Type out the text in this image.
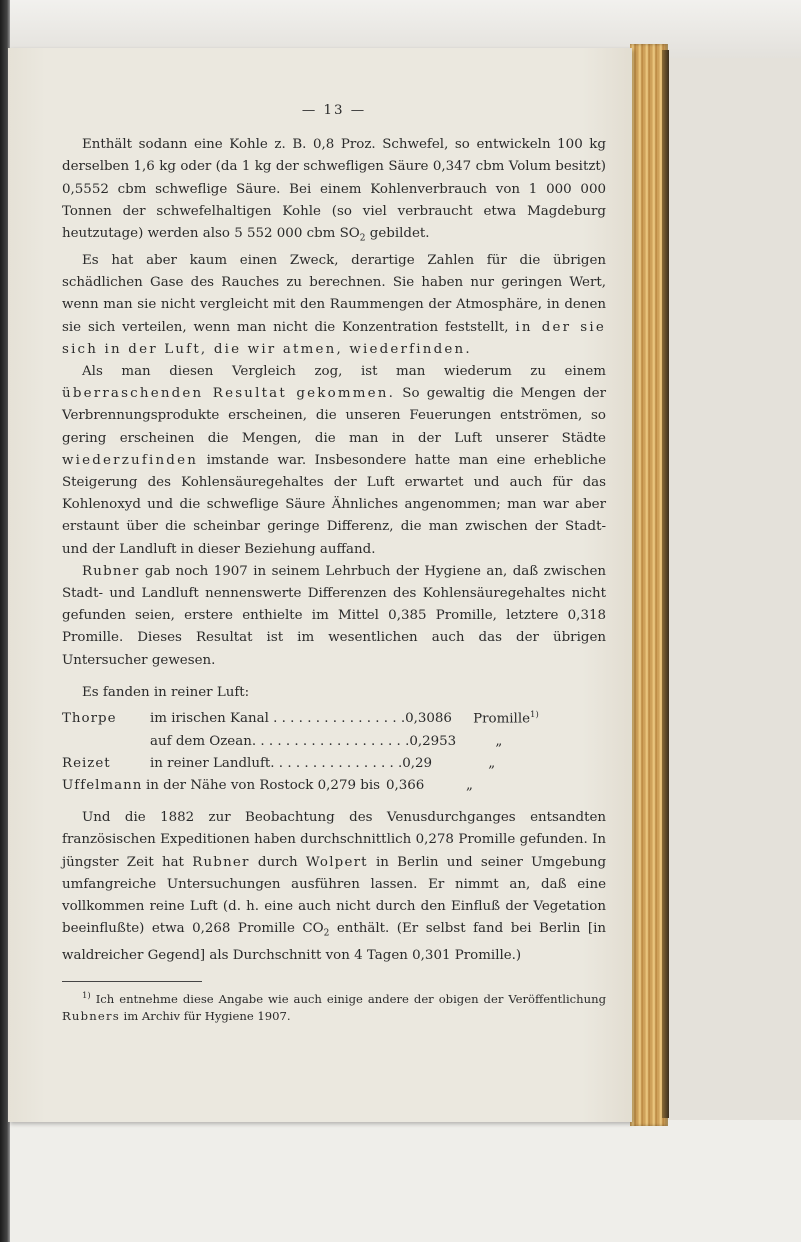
— 13 —

Enthält sodann eine Kohle z. B. 0,8 Proz. Schwefel, so entwickeln 100 kg derselben 1,6 kg oder (da 1 kg der schwefligen Säure 0,347 cbm Volum besitzt) 0,5552 cbm schweflige Säure. Bei einem Kohlenverbrauch von 1 000 000 Tonnen der schwefelhaltigen Kohle (so viel verbraucht etwa Magdeburg heutzutage) werden also 5 552 000 cbm $SO_2$ gebildet.

Es hat aber kaum einen Zweck, derartige Zahlen für die übrigen schädlichen Gase des Rauches zu berechnen. Sie haben nur geringen Wert, wenn man sie nicht vergleicht mit den Raummengen der Atmosphäre, in denen sie sich verteilen, wenn man nicht die Konzentration feststellt, in der sie sich in der Luft, die wir atmen, wiederfinden.

Als man diesen Vergleich zog, ist man wiederum zu einem überraschenden Resultat gekommen. So gewaltig die Mengen der Verbrennungsprodukte erscheinen, die unseren Feuerungen entströmen, so gering erscheinen die Mengen, die man in der Luft unserer Städte wiederzufinden imstande war. Insbesondere hatte man eine erhebliche Steigerung des Kohlensäuregehaltes der Luft erwartet und auch für das Kohlenoxyd und die schweflige Säure Ähnliches angenommen; man war aber erstaunt über die scheinbar geringe Differenz, die man zwischen der Stadt- und der Landluft in dieser Beziehung auffand.

Rubner gab noch 1907 in seinem Lehrbuch der Hygiene an, daß zwischen Stadt- und Landluft nennenswerte Differenzen des Kohlensäuregehaltes nicht gefunden seien, erstere enthielte im Mittel 0,385 Promille, letztere 0,318 Promille. Dieses Resultat ist im wesentlichen auch das der übrigen Untersucher gewesen.

Es fanden in reiner Luft:

Thorpe	im irischen Kanal . . . . . . . . . . . . . . . . 0,3086	Promille$^{1)}$
auf dem Ozean. . . . . . . . . . . . . . . . . . . 0,2953	„
Reizet	in reiner Landluft. . . . . . . . . . . . . . . . 0,29	„
Uffelmann in der Nähe von Rostock 0,279 bis 0,366	„

Und die 1882 zur Beobachtung des Venusdurchganges entsandten französischen Expeditionen haben durchschnittlich 0,278 Promille gefunden. In jüngster Zeit hat Rubner durch Wolpert in Berlin und seiner Umgebung umfangreiche Untersuchungen ausführen lassen. Er nimmt an, daß eine vollkommen reine Luft (d. h. eine auch nicht durch den Einfluß der Vegetation beeinflußte) etwa 0,268 Promille $CO_2$ enthält. (Er selbst fand bei Berlin [in waldreicher Gegend] als Durchschnitt von 4 Tagen 0,301 Promille.)

$^{1)}$ Ich entnehme diese Angabe wie auch einige andere der obigen der Veröffentlichung Rubners im Archiv für Hygiene 1907.
